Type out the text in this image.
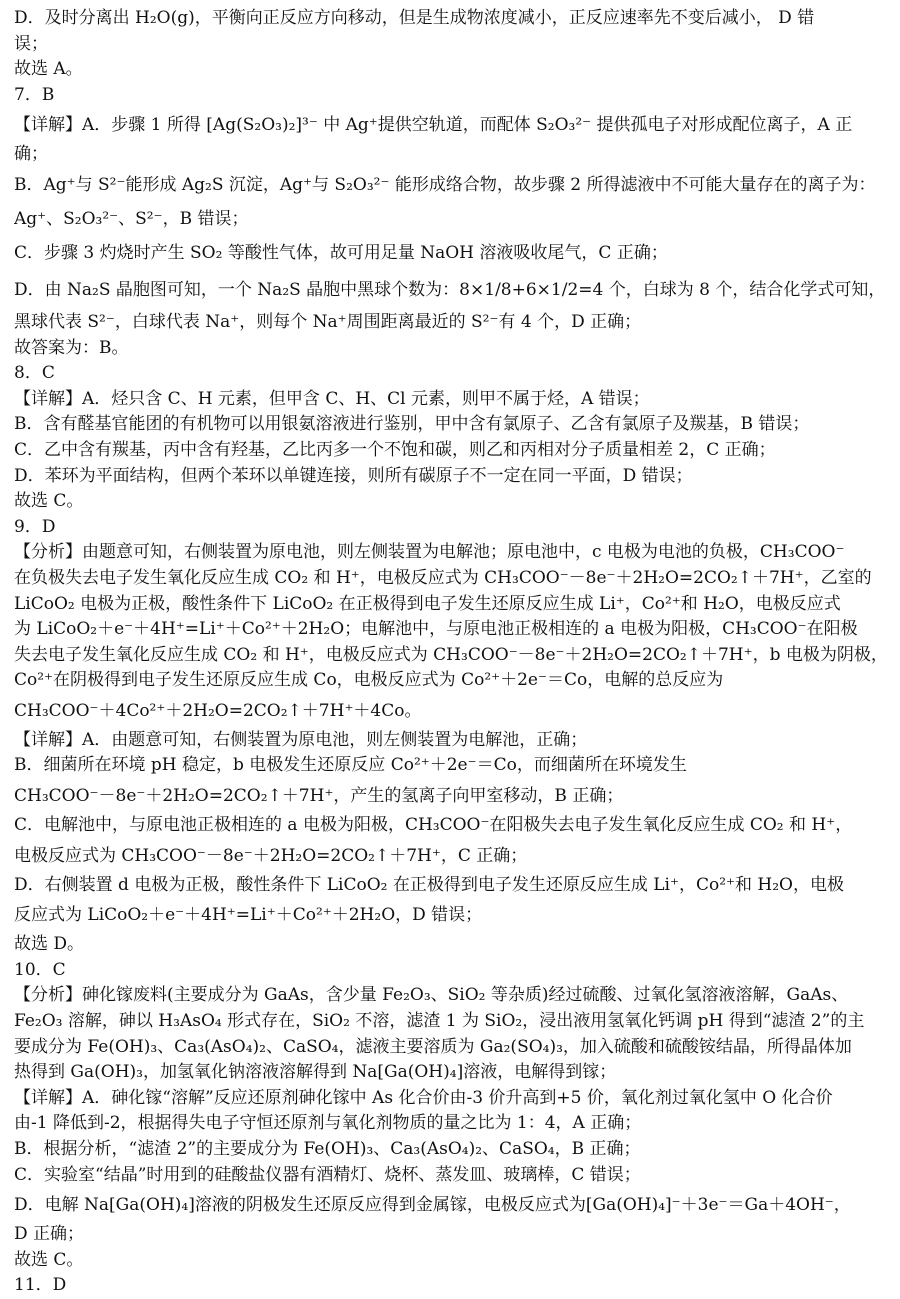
D．及时分离出 H₂O(g)，平衡向正反应方向移动，但是生成物浓度减小，正反应速率先不变后减小， D 错
误；
故选 A。
7．B
【详解】A．步骤 1 所得 [Ag(S₂O₃)₂]³⁻ 中 Ag⁺提供空轨道，而配体 S₂O₃²⁻ 提供孤电子对形成配位离子，A 正
确；
B．Ag⁺与 S²⁻能形成 Ag₂S 沉淀，Ag⁺与 S₂O₃²⁻ 能形成络合物，故步骤 2 所得滤液中不可能大量存在的离子为：
Ag⁺、S₂O₃²⁻、S²⁻，B 错误；
C．步骤 3 灼烧时产生 SO₂ 等酸性气体，故可用足量 NaOH 溶液吸收尾气，C 正确；
D．由 Na₂S 晶胞图可知，一个 Na₂S 晶胞中黑球个数为：8×1/8+6×1/2=4 个，白球为 8 个，结合化学式可知，
黑球代表 S²⁻，白球代表 Na⁺，则每个 Na⁺周围距离最近的 S²⁻有 4 个，D 正确；
故答案为：B。
8．C
【详解】A．烃只含 C、H 元素，但甲含 C、H、Cl 元素，则甲不属于烃，A 错误；
B．含有醛基官能团的有机物可以用银氨溶液进行鉴别，甲中含有氯原子、乙含有氯原子及羰基，B 错误；
C．乙中含有羰基，丙中含有羟基，乙比丙多一个不饱和碳，则乙和丙相对分子质量相差 2，C 正确；
D．苯环为平面结构，但两个苯环以单键连接，则所有碳原子不一定在同一平面，D 错误；
故选 C。
9．D
【分析】由题意可知，右侧装置为原电池，则左侧装置为电解池；原电池中，c 电极为电池的负极，CH₃COO⁻
在负极失去电子发生氧化反应生成 CO₂ 和 H⁺，电极反应式为 CH₃COO⁻－8e⁻＋2H₂O=2CO₂↑＋7H⁺，乙室的
LiCoO₂ 电极为正极，酸性条件下 LiCoO₂ 在正极得到电子发生还原反应生成 Li⁺，Co²⁺和 H₂O，电极反应式
为 LiCoO₂＋e⁻＋4H⁺=Li⁺＋Co²⁺＋2H₂O；电解池中，与原电池正极相连的 a 电极为阳极，CH₃COO⁻在阳极
失去电子发生氧化反应生成 CO₂ 和 H⁺，电极反应式为 CH₃COO⁻－8e⁻＋2H₂O=2CO₂↑＋7H⁺，b 电极为阴极，
Co²⁺在阴极得到电子发生还原反应生成 Co，电极反应式为 Co²⁺＋2e⁻＝Co，电解的总反应为
CH₃COO⁻＋4Co²⁺＋2H₂O=2CO₂↑＋7H⁺＋4Co。
【详解】A．由题意可知，右侧装置为原电池，则左侧装置为电解池，正确；
B．细菌所在环境 pH 稳定，b 电极发生还原反应 Co²⁺＋2e⁻＝Co，而细菌所在环境发生
CH₃COO⁻－8e⁻＋2H₂O=2CO₂↑＋7H⁺，产生的氢离子向甲室移动，B 正确；
C．电解池中，与原电池正极相连的 a 电极为阳极，CH₃COO⁻在阳极失去电子发生氧化反应生成 CO₂ 和 H⁺，
电极反应式为 CH₃COO⁻－8e⁻＋2H₂O=2CO₂↑＋7H⁺，C 正确；
D．右侧装置 d 电极为正极，酸性条件下 LiCoO₂ 在正极得到电子发生还原反应生成 Li⁺，Co²⁺和 H₂O，电极
反应式为 LiCoO₂＋e⁻＋4H⁺=Li⁺＋Co²⁺＋2H₂O，D 错误；
故选 D。
10．C
【分析】砷化镓废料(主要成分为 GaAs，含少量 Fe₂O₃、SiO₂ 等杂质)经过硫酸、过氧化氢溶液溶解，GaAs、
Fe₂O₃ 溶解，砷以 H₃AsO₄ 形式存在，SiO₂ 不溶，滤渣 1 为 SiO₂，浸出液用氢氧化钙调 pH 得到“滤渣 2”的主
要成分为 Fe(OH)₃、Ca₃(AsO₄)₂、CaSO₄，滤液主要溶质为 Ga₂(SO₄)₃，加入硫酸和硫酸铵结晶，所得晶体加
热得到 Ga(OH)₃，加氢氧化钠溶液溶解得到 Na[Ga(OH)₄]溶液，电解得到镓；
【详解】A．砷化镓“溶解”反应还原剂砷化镓中 As 化合价由-3 价升高到+5 价，氧化剂过氧化氢中 O 化合价
由-1 降低到-2，根据得失电子守恒还原剂与氧化剂物质的量之比为 1：4，A 正确；
B．根据分析，“滤渣 2”的主要成分为 Fe(OH)₃、Ca₃(AsO₄)₂、CaSO₄，B 正确；
C．实验室“结晶”时用到的硅酸盐仪器有酒精灯、烧杯、蒸发皿、玻璃棒，C 错误；
D．电解 Na[Ga(OH)₄]溶液的阴极发生还原反应得到金属镓，电极反应式为[Ga(OH)₄]⁻＋3e⁻＝Ga＋4OH⁻，
D 正确；
故选 C。
11．D
